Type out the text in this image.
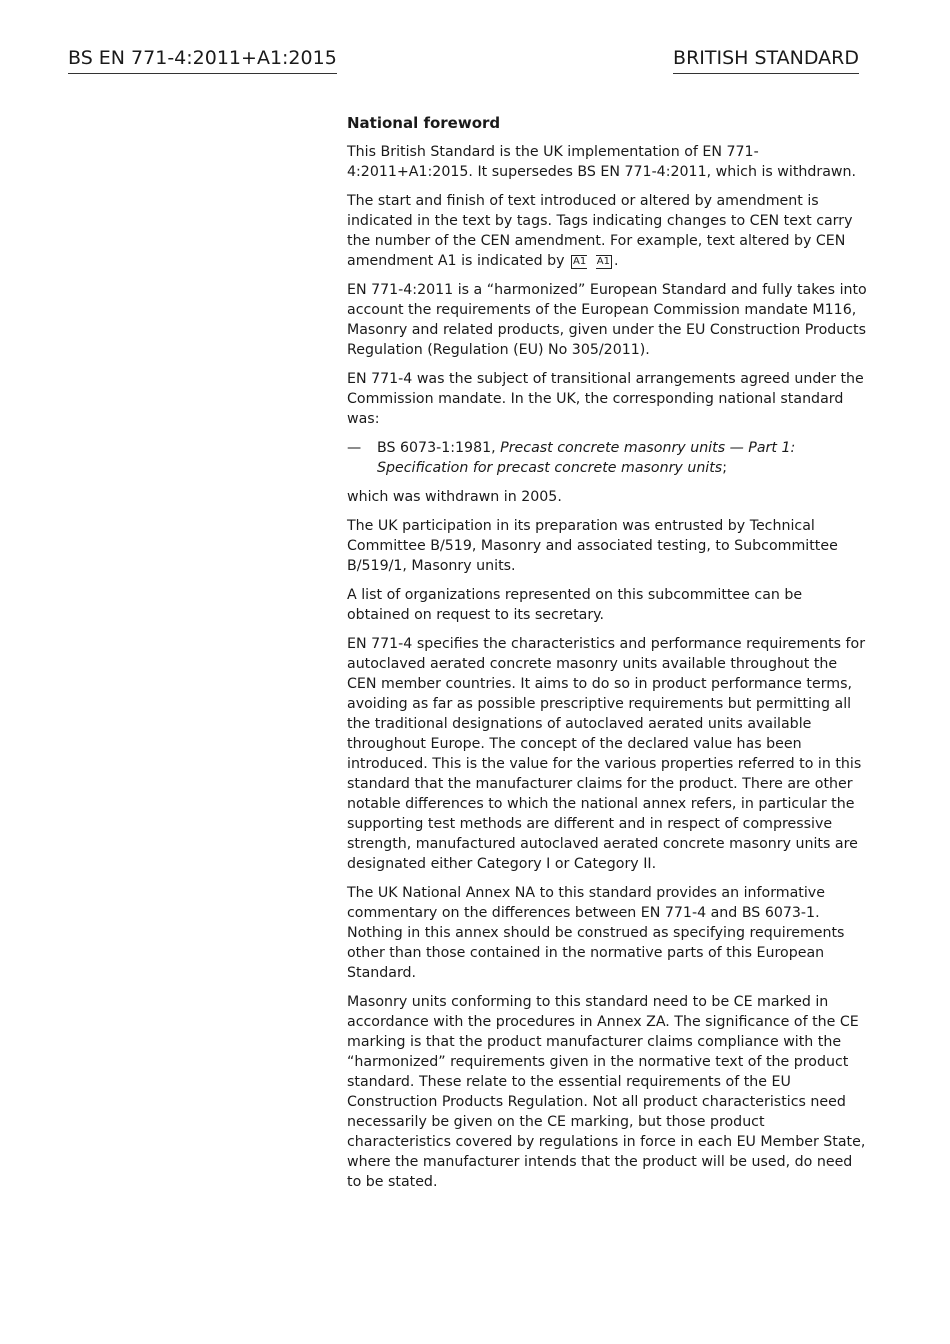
BS EN 771-4:2011+A1:2015	BRITISH STANDARD
National foreword

This British Standard is the UK implementation of EN 771-4:2011+A1:2015. It supersedes BS EN 771-4:2011, which is withdrawn.

The start and finish of text introduced or altered by amendment is indicated in the text by tags. Tags indicating changes to CEN text carry the number of the CEN amendment. For example, text altered by CEN amendment A1 is indicated by A1 A1 .

EN 771-4:2011 is a “harmonized” European Standard and fully takes into account the requirements of the European Commission mandate M116, Masonry and related products, given under the EU Construction Products Regulation (Regulation (EU) No 305/2011).

EN 771-4 was the subject of transitional arrangements agreed under the Commission mandate. In the UK, the corresponding national standard was:

—	BS 6073-1:1981, Precast concrete masonry units — Part 1: Specification for precast concrete masonry units;

which was withdrawn in 2005.

The UK participation in its preparation was entrusted by Technical Committee B/519, Masonry and associated testing, to Subcommittee B/519/1, Masonry units.

A list of organizations represented on this subcommittee can be obtained on request to its secretary.

EN 771-4 specifies the characteristics and performance requirements for autoclaved aerated concrete masonry units available throughout the CEN member countries. It aims to do so in product performance terms, avoiding as far as possible prescriptive requirements but permitting all the traditional designations of autoclaved aerated units available throughout Europe. The concept of the declared value has been introduced. This is the value for the various properties referred to in this standard that the manufacturer claims for the product. There are other notable differences to which the national annex refers, in particular the supporting test methods are different and in respect of compressive strength, manufactured autoclaved aerated concrete masonry units are designated either Category I or Category II.

The UK National Annex NA to this standard provides an informative commentary on the differences between EN 771-4 and BS 6073-1. Nothing in this annex should be construed as specifying requirements other than those contained in the normative parts of this European Standard.

Masonry units conforming to this standard need to be CE marked in accordance with the procedures in Annex ZA. The significance of the CE marking is that the product manufacturer claims compliance with the “harmonized” requirements given in the normative text of the product standard. These relate to the essential requirements of the EU Construction Products Regulation. Not all product characteristics need necessarily be given on the CE marking, but those product characteristics covered by regulations in force in each EU Member State, where the manufacturer intends that the product will be used, do need to be stated.
